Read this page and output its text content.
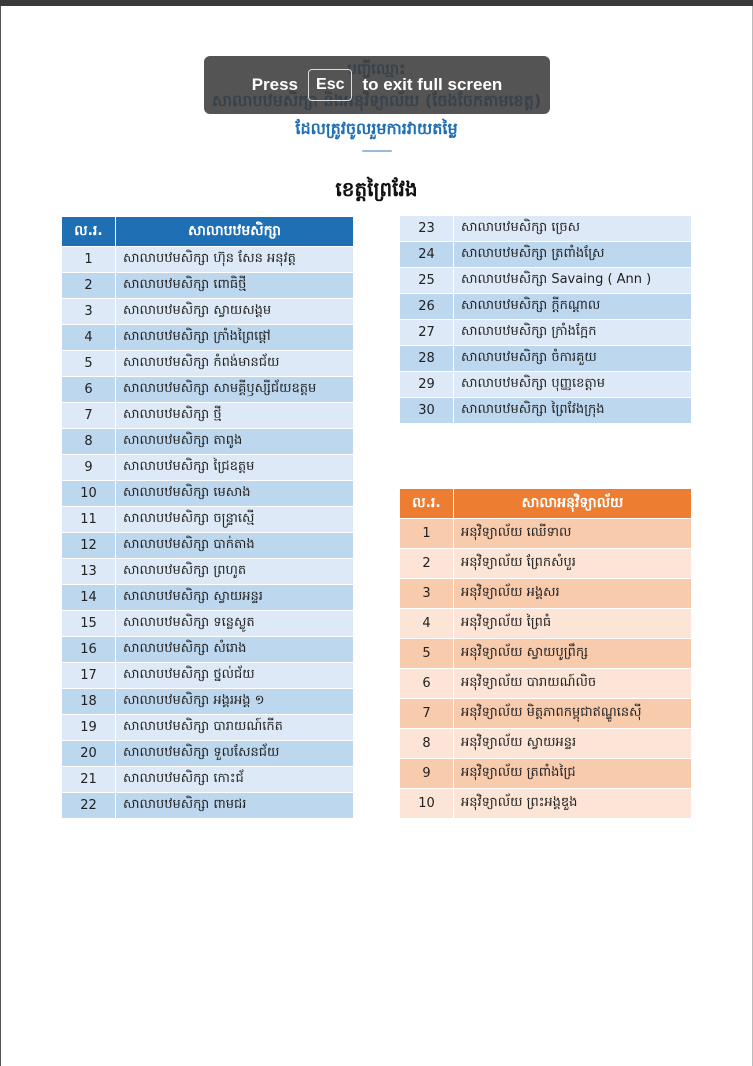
ដែលត្រូវចូលរួមការវាយតម្លៃ
ខេត្តព្រៃវែង
ល.រ.	សាលាបឋមសិក្សា
1	សាលាបឋមសិក្សា ហ៊ុន សែន អនុវត្ត
2	សាលាបឋមសិក្សា ពោធិថ្មី
3	សាលាបឋមសិក្សា ស្វាយសង្គម
4	សាលាបឋមសិក្សា ក្រាំងព្រៃផ្តៅ
5	សាលាបឋមសិក្សា កំពង់មានជ័យ
6	សាលាបឋមសិក្សា សាមគ្គីឫស្សីជ័យឧត្តម
7	សាលាបឋមសិក្សា ថ្មី
8	សាលាបឋមសិក្សា តាពូង
9	សាលាបឋមសិក្សា ជ្រៃឧត្តម
10	សាលាបឋមសិក្សា មេសាង
11	សាលាបឋមសិក្សា ចន្ទ្រាស្មើ
12	សាលាបឋមសិក្សា បាក់តាង
13	សាលាបឋមសិក្សា ព្រហូត
14	សាលាបឋមសិក្សា ស្វាយអន្ទរ
15	សាលាបឋមសិក្សា ទន្លេស្លូត
16	សាលាបឋមសិក្សា សំរោង
17	សាលាបឋមសិក្សា ថ្នល់ជ័យ
18	សាលាបឋមសិក្សា អង្គរអង្គ ១
19	សាលាបឋមសិក្សា បារាយណ៍កើត
20	សាលាបឋមសិក្សា ទួលសែនជ័យ
21	សាលាបឋមសិក្សា កោះជ័
22	សាលាបឋមសិក្សា ពាមជរ
23	សាលាបឋមសិក្សា ច្រេស
24	សាលាបឋមសិក្សា ត្រពាំងស្រែ
25	សាលាបឋមសិក្សា Savaing ( Ann )
26	សាលាបឋមសិក្សា ក្តីកណ្តាល
27	សាលាបឋមសិក្សា ក្រាំងក្អែក
28	សាលាបឋមសិក្សា ចំការគួយ
29	សាលាបឋមសិក្សា បុញ្ញខេត្តាម
30	សាលាបឋមសិក្សា ព្រៃវែងក្រុង
ល.រ.	សាលាអនុវិទ្យាល័យ
1	អនុវិទ្យាល័យ ឈើទាល
2	អនុវិទ្យាល័យ ព្រែកសំបួរ
3	អនុវិទ្យាល័យ អង្គសរ
4	អនុវិទ្យាល័យ ព្រៃធំ
5	អនុវិទ្យាល័យ ស្វាយបូព្រឹក្ស
6	អនុវិទ្យាល័យ បារាយណ៍លិច
7	អនុវិទ្យាល័យ មិត្តភាពកម្ពុជាឥណ្ឌូនេស៊ី
8	អនុវិទ្យាល័យ ស្វាយអន្ទរ
9	អនុវិទ្យាល័យ ត្រពាំងជ្រៃ
10	អនុវិទ្យាល័យ ព្រះអង្គឌួង
Press	Esc	to exit full screen
